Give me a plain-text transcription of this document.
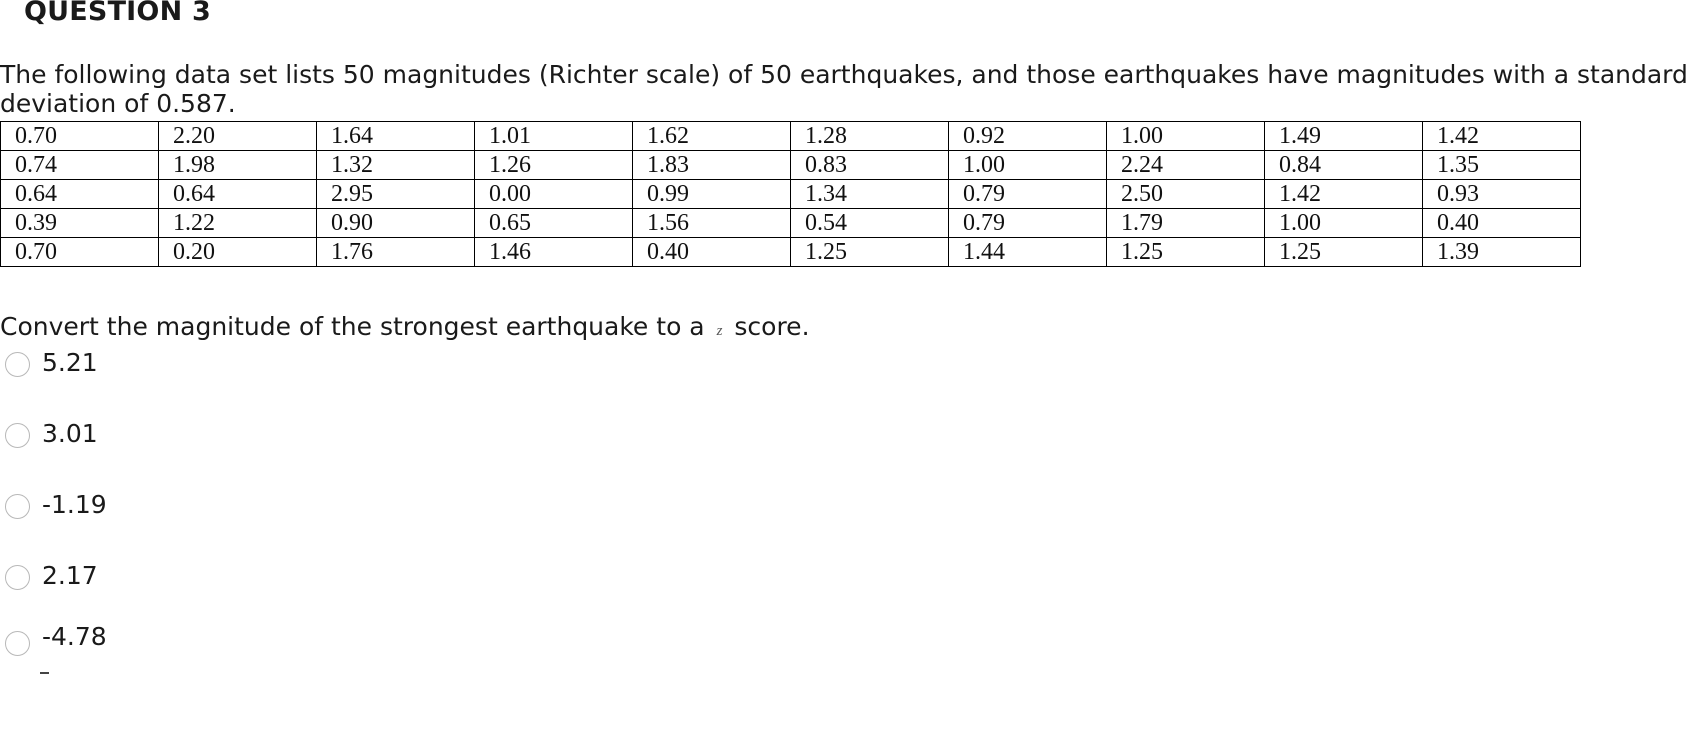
QUESTION 3

The following data set lists 50 magnitudes (Richter scale) of 50 earthquakes, and those earthquakes have magnitudes with a standard deviation of 0.587.

0.70	2.20	1.64	1.01	1.62	1.28	0.92	1.00	1.49	1.42
0.74	1.98	1.32	1.26	1.83	0.83	1.00	2.24	0.84	1.35
0.64	0.64	2.95	0.00	0.99	1.34	0.79	2.50	1.42	0.93
0.39	1.22	0.90	0.65	1.56	0.54	0.79	1.79	1.00	0.40
0.70	0.20	1.76	1.46	0.40	1.25	1.44	1.25	1.25	1.39

Convert the magnitude of the strongest earthquake to a z score.

5.21
3.01
-1.19
2.17
-4.78
